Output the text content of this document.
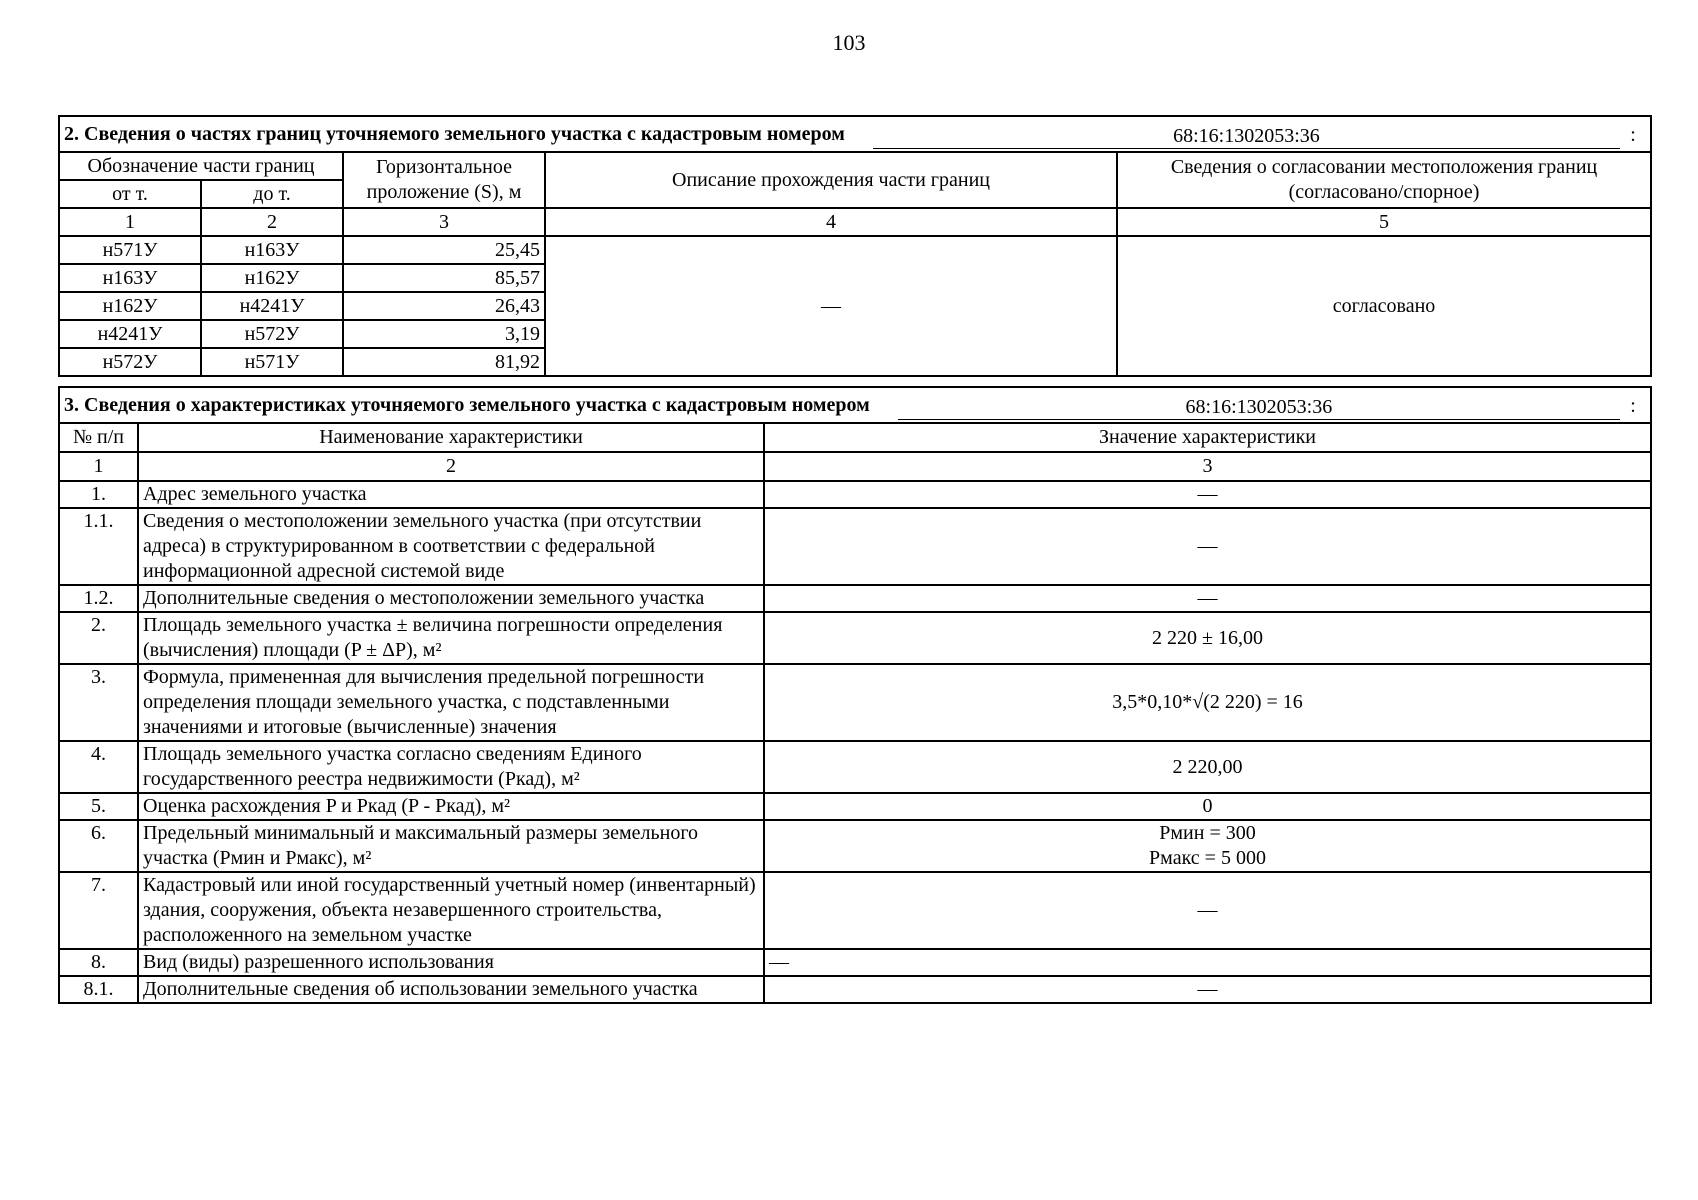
103
2. Сведения о частях границ уточняемого земельного участка с кадастровым номером 68:16:1302053:36 :				

Обозначение части границ		Горизонтальное проложение (S), м	Описание прохождения части границ	Сведения о согласовании местоположения границ (согласовано/спорное)
от т.	до т.			
1	2	3	4	5
н571У	н163У	25,45	—	согласовано
н163У	н162У	85,57		
н162У	н4241У	26,43		
н4241У	н572У	3,19		
н572У	н571У	81,92		
3. Сведения о характеристиках уточняемого земельного участка с кадастровым номером 68:16:1302053:36 :		

№ п/п	Наименование характеристики	Значение характеристики
1	2	3
1.	Адрес земельного участка	—
1.1.	Сведения о местоположении земельного участка (при отсутствии адреса) в структурированном в соответствии с федеральной информационной адресной системой виде	—
1.2.	Дополнительные сведения о местоположении земельного участка	—
2.	Площадь земельного участка ± величина погрешности определения (вычисления) площади (P ± ΔP), м²	2 220 ± 16,00
3.	Формула, примененная для вычисления предельной погрешности определения площади земельного участка, с подставленными значениями и итоговые (вычисленные) значения	3,5*0,10*√(2 220) = 16
4.	Площадь земельного участка согласно сведениям Единого государственного реестра недвижимости (Ркад), м²	2 220,00
5.	Оценка расхождения P и Ркад (P - Ркад), м²	0
6.	Предельный минимальный и максимальный размеры земельного участка (Рмин и Рмакс), м²	Рмин = 300
Рмакс = 5 000

7.	Кадастровый или иной государственный учетный номер (инвентарный) здания, сооружения, объекта незавершенного строительства, расположенного на земельном участке	—
8.	Вид (виды) разрешенного использования	—
8.1.	Дополнительные сведения об использовании земельного участка	—
